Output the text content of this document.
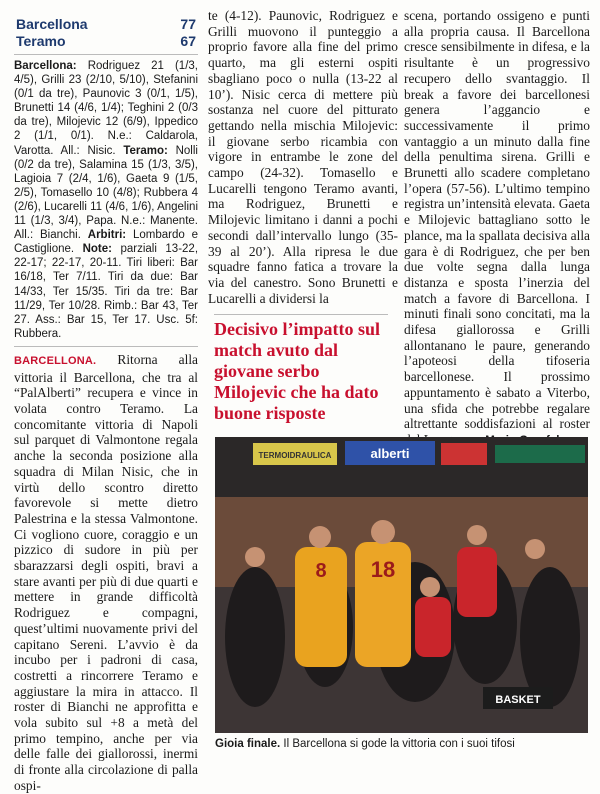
Barcellona	77
Teramo	67
Barcellona: Rodriguez 21 (1/3, 4/5), Grilli 23 (2/10, 5/10), Stefanini (0/1 da tre), Paunovic 3 (0/1, 1/5), Brunetti 14 (4/6, 1/4); Teghini 2 (0/3 da tre), Milojevic 12 (6/9), Ippedico 2 (1/1, 0/1). N.e.: Caldarola, Varotta. All.: Nisic. Teramo: Nolli (0/2 da tre), Salamina 15 (1/3, 3/5), Lagioia 7 (2/4, 1/6), Gaeta 9 (1/5, 2/5), Tomasello 10 (4/8); Rubbera 4 (2/6), Lucarelli 11 (4/6, 1/6), Angelini 11 (1/3, 3/4), Papa. N.e.: Manente. All.: Bianchi. Arbitri: Lombardo e Castiglione. Note: parziali 13-22, 22-17; 22-17, 20-11. Tiri liberi: Bar 16/18, Ter 7/11. Tiri da due: Bar 14/33, Ter 15/35. Tiri da tre: Bar 11/29, Ter 10/28. Rimb.: Bar 43, Ter 27. Ass.: Bar 15, Ter 17. Usc. 5f: Rubbera.
BARCELLONA. Ritorna alla vittoria il Barcellona, che tra al “PalAlberti” recupera e vince in volata contro Teramo. La concomitante vittoria di Napoli sul parquet di Valmontone regala anche la seconda posizione alla squadra di Milan Nisic, che in virtù dello scontro diretto favorevole si mette dietro Palestrina e la stessa Valmontone. Ci vogliono cuore, coraggio e un pizzico di sudore in più per sbarazzarsi degli ospiti, bravi a stare avanti per più di due quarti e mettere in grande difficoltà Rodriguez e compagni, quest’ultimi nuovamente privi del capitano Sereni. L’avvio è da incubo per i padroni di casa, costretti a rincorrere Teramo e aggiustare la mira in attacco. Il roster di Bianchi ne approfitta e vola subito sul +8 a metà del primo tempino, anche per via delle falle dei giallorossi, inermi di fronte alla circolazione di palla ospi-
te (4-12). Paunovic, Rodriguez e Grilli muovono il punteggio a proprio favore alla fine del primo quarto, ma gli esterni ospiti sbagliano poco o nulla (13-22 al 10’). Nisic cerca di mettere più sostanza nel cuore del pitturato gettando nella mischia Milojevic: il giovane serbo ricambia con vigore in entrambe le zone del campo (24-32). Tomasello e Lucarelli tengono Teramo avanti, ma Rodriguez, Brunetti e Milojevic limitano i danni a pochi secondi dall’intervallo lungo (35-39 al 20’). Alla ripresa le due squadre fanno fatica a trovare la via del canestro. Sono Brunetti e Lucarelli a dividersi la
Decisivo l’impatto sul match avuto dal giovane serbo Milojevic che ha dato buone risposte
scena, portando ossigeno e punti alla propria causa. Il Barcellona cresce sensibilmente in difesa, e la risultante è un progressivo recupero dello svantaggio. Il break a favore dei barcellonesi genera l’aggancio e successivamente il primo vantaggio a un minuto dalla fine della penultima sirena. Grilli e Brunetti allo scadere completano l’opera (57-56). L’ultimo tempino registra un’intensità elevata. Gaeta e Milojevic battagliano sotto le plance, ma la spallata decisiva alla gara è di Rodriguez, che per ben due volte segna dalla lunga distanza e sposta l’inerzia del match a favore di Barcellona. I minuti finali sono concitati, ma la difesa giallorossa e Grilli allontanano le paure, generando l’apoteosi della tifoseria barcellonese. Il prossimo appuntamento è sabato a Viterbo, una sfida che potrebbe regalare altrettante soddisfazioni al roster
TERMOIDRAULICA	alberti
8 18
BASKET
Gioia finale. Il Barcellona si gode la vittoria con i suoi tifosi
